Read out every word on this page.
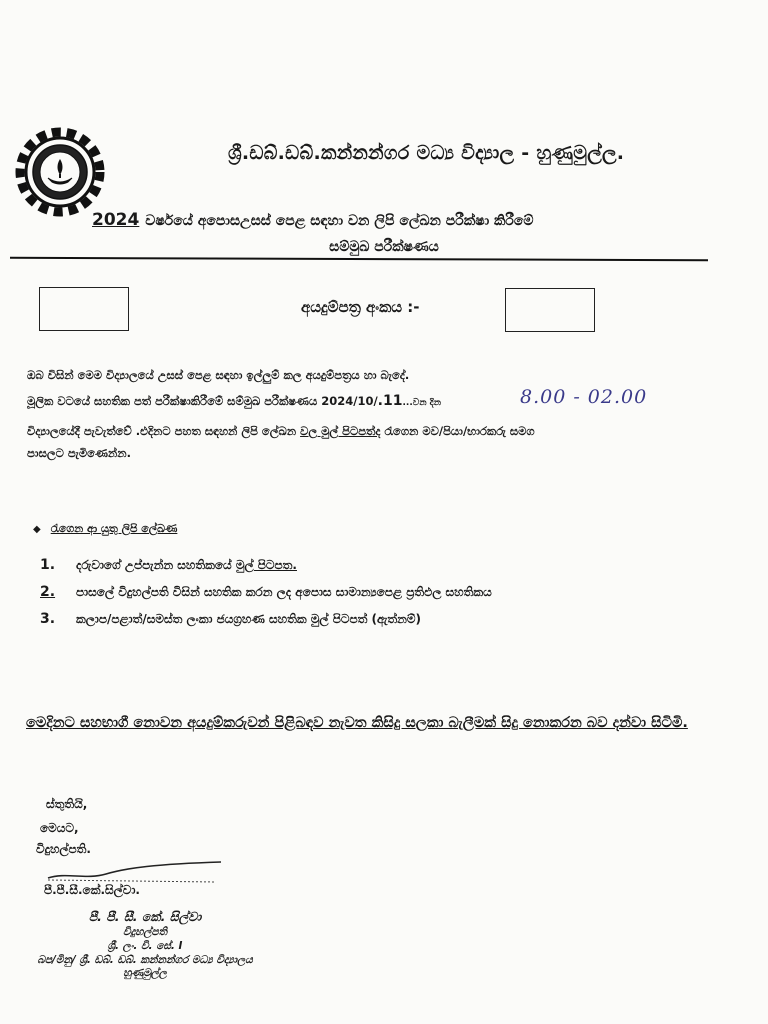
ශ්‍රී.ඩබ්.ඩබ්.කන්නන්ගර මධ්‍ය විද්‍යාල - හුණුමුල්ල.
2024 වර්ෂයේ අපොසඋසස් පෙළ සඳහා වන ලිපි ලේඛන පරීක්ෂා කිරීමේ
සම්මුඛ පරීක්ෂණය
අයදුම්පත්‍ර අංකය :-
ඔබ විසින් මෙම විද්‍යාලයේ උසස් පෙළ සඳහා ඉල්ලුම් කල අයදුම්පත්‍රය හා බැදේ.
මූලික වටයේ සහතික පත් පරීක්ෂාකිරීමේ සම්මුඛ පරීක්ෂණය 2024/10/.11...වන දින	8.00 - 02.00
විද්‍යාලයේදී පැවැත්වේ .එදිනට පහත සඳහන් ලිපි ලේඛන වල මුල් පිටපත්ද රැගෙන මව/පියා/භාරකරු සමග
පාසලට පැමිණෙන්න.
◆ රැගෙන ආ යුතු ලිපි ලේඛණ
1. දරුවාගේ උප්පැන්න සහතිකයේ මුල් පිටපත.
2. පාසලේ විදුහල්පති විසින් සහතික කරන ලද අපොස සාමාන්‍යපෙළ ප්‍රතිඵල සහතිකය
3. කලාප/පළාත්/සමස්ත ලංකා ජයග්‍රහණ සහතික මුල් පිටපත් (ඇත්නම්)
මෙදිනට සහභාගී නොවන අයදුම්කරුවන් පිළිබඳව නැවත කිසිදු සලකා බැලීමක් සිදු නොකරන බව දන්වා සිටිමි.
ස්තුතියි,
මෙයට,
විදුහල්පති.
පී.පී.සී.කේ.සිල්වා.
පී. පී. සී. කේ. සිල්වා
විදුහල්පති
ශ්‍රී. ලං. වි. සේ. I
බප/මිනු/ ශ්‍රී. ඩබ්. ඩබ්. කන්නන්ගර මධ්‍ය විද්‍යාලය
හුණුමුල්ල
